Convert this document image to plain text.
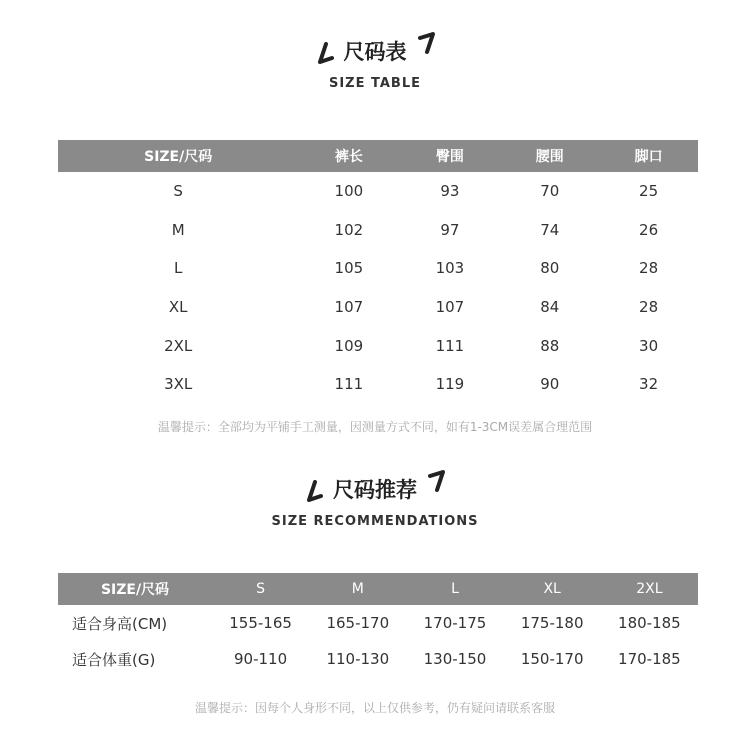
尺码表
SIZE TABLE
SIZE/尺码	裤长	臀围	腰围	脚口
S	100	93	70	25
M	102	97	74	26
L	105	103	80	28
XL	107	107	84	28
2XL	109	111	88	30
3XL	111	119	90	32
温馨提示：全部均为平铺手工测量，因测量方式不同，如有1-3CM误差属合理范围
尺码推荐
SIZE RECOMMENDATIONS
SIZE/尺码	S	M	L	XL	2XL
适合身高(CM)	155-165	165-170	170-175	175-180	180-185
适合体重(G)	90-110	110-130	130-150	150-170	170-185
温馨提示：因每个人身形不同，以上仅供参考，仍有疑问请联系客服
